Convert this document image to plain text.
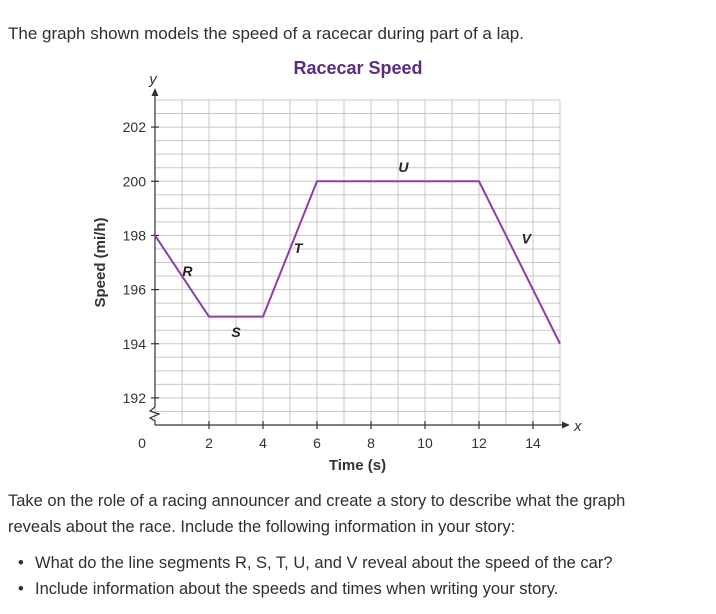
The graph shown models the speed of a racecar during part of a lap.

Racecar Speed

x
y
192
194
196
198
200
202
2	4	6	8	10	12	14
0
Time (s)
Speed (mi/h)	R
S
T
U
V

Take on the role of a racing announcer and create a story to describe what the graph reveals about the race. Include the following information in your story:

• What do the line segments R, S, T, U, and V reveal about the speed of the car?
• Include information about the speeds and times when writing your story.
